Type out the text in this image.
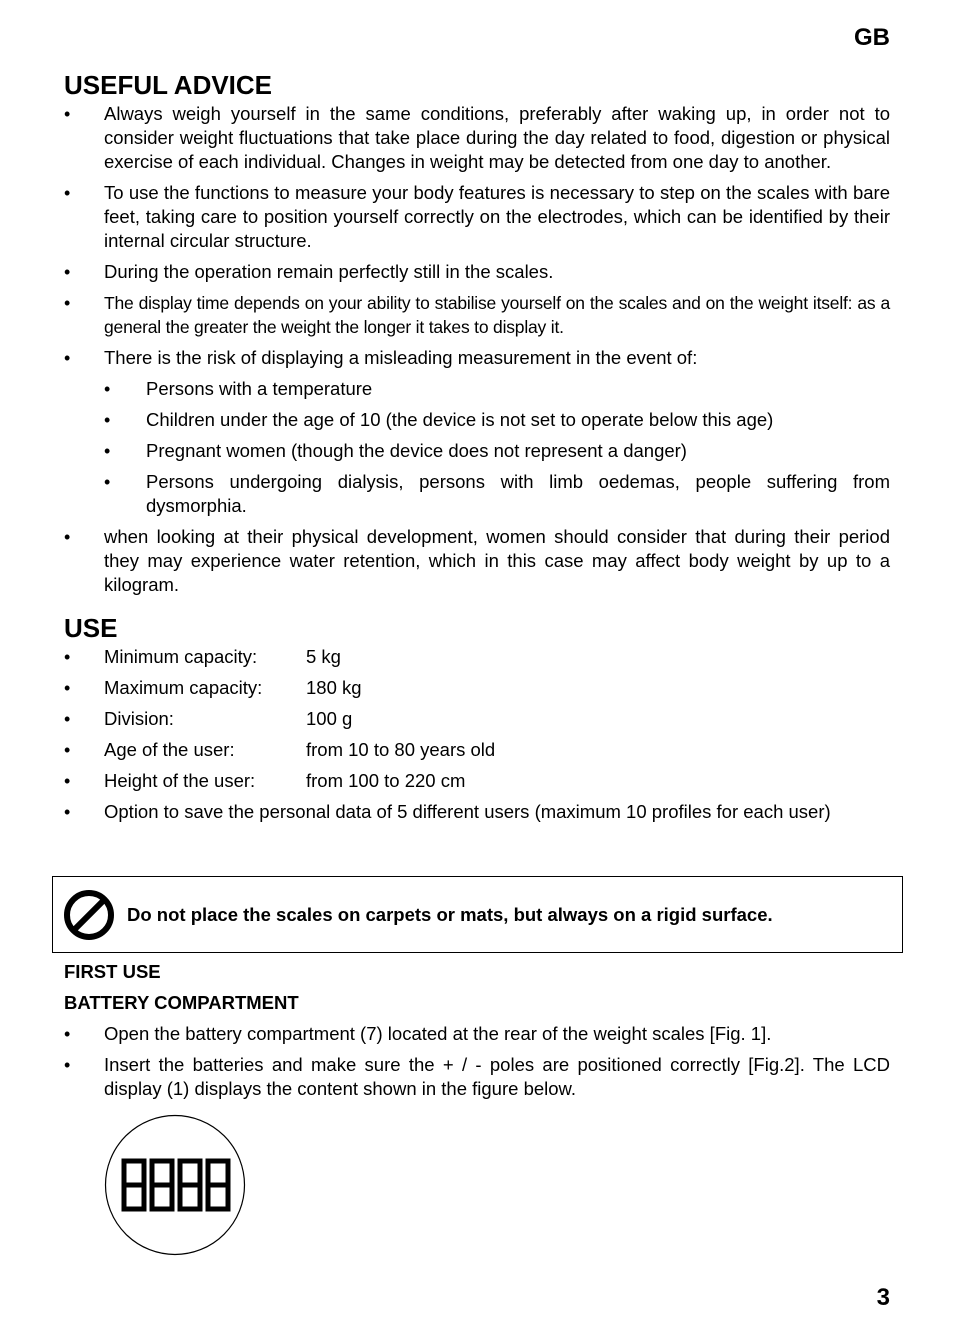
GB
USEFUL ADVICE
• Always weigh yourself in the same conditions, preferably after waking up, in order not to consider weight fluctuations that take place during the day related to food, digestion or physical exercise of each individual. Changes in weight may be detected from one day to another.
• To use the functions to measure your body features is necessary to step on the scales with bare feet, taking care to position yourself correctly on the electrodes, which can be identified by their internal circular structure.
• During the operation remain perfectly still in the scales.
• The display time depends on your ability to stabilise yourself on the scales and on the weight itself: as a general the greater the weight the longer it takes to display it.
• There is the risk of displaying a misleading measurement in the event of:
• Persons with a temperature
• Children under the age of 10 (the device is not set to operate below this age)
• Pregnant women (though the device does not represent a danger)
• Persons undergoing dialysis, persons with limb oedemas, people suffering from dysmorphia.
• when looking at their physical development, women should consider that during their period they may experience water retention, which in this case may affect body weight by up to a kilogram.
USE
• Minimum capacity:	5 kg
• Maximum capacity:	180 kg
• Division:	100 g
• Age of the user:	from 10 to 80 years old
• Height of the user:	from 100 to 220 cm
• Option to save the personal data of 5 different users (maximum 10 profiles for each user)
Do not place the scales on carpets or mats, but always on a rigid surface.
FIRST USE
BATTERY COMPARTMENT
• Open the battery compartment (7) located at the rear of the weight scales [Fig. 1].
• Insert the batteries and make sure the + / - poles are positioned correctly [Fig.2]. The LCD display (1) displays the content shown in the figure below.
3
